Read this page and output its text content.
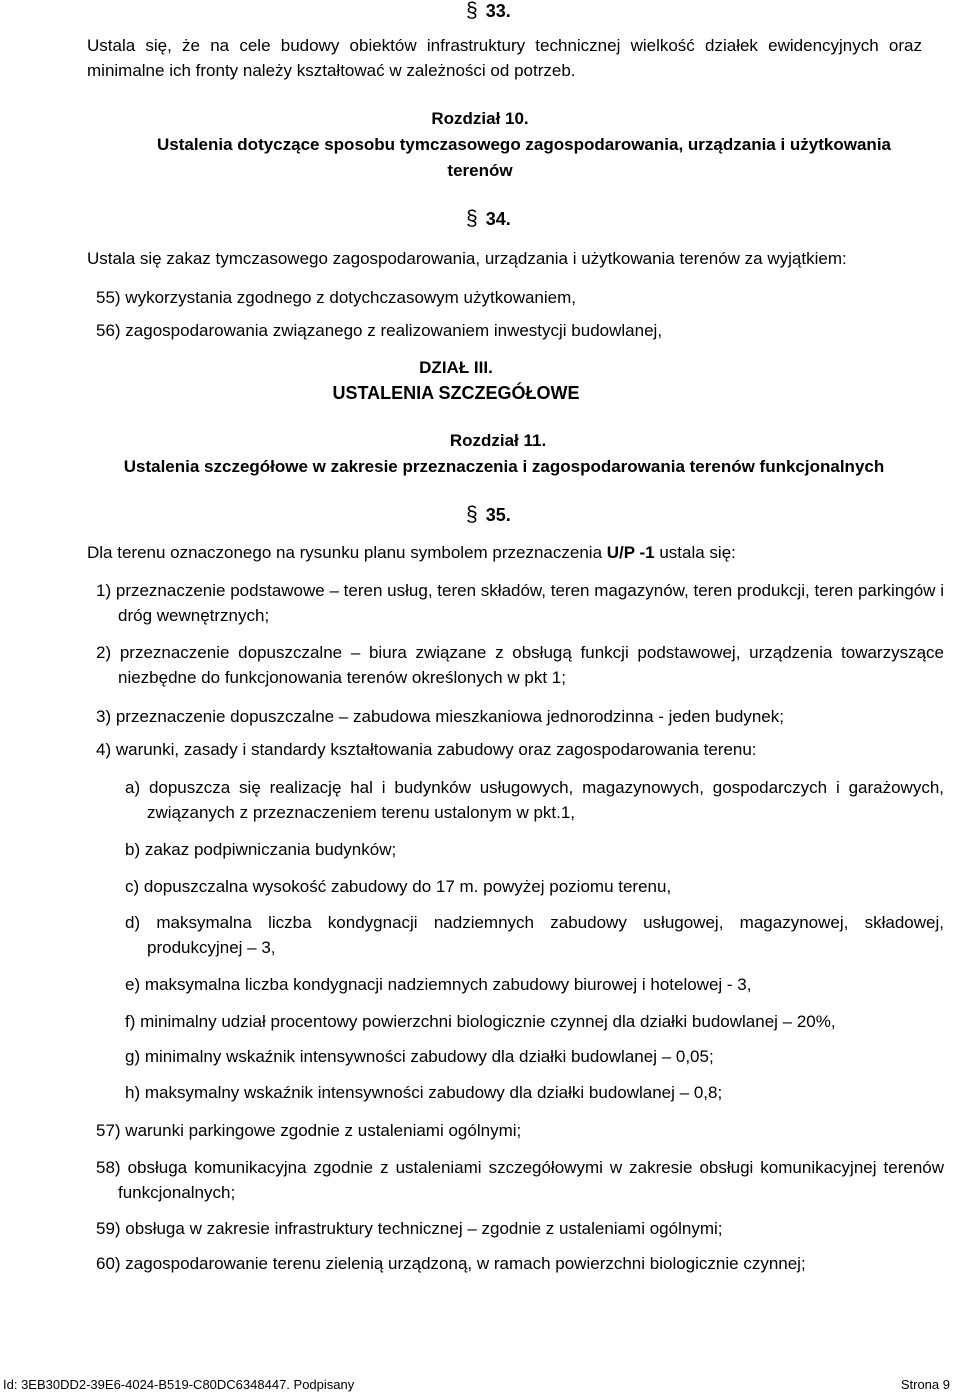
§ 33.
Ustala się, że na cele budowy obiektów infrastruktury technicznej wielkość działek ewidencyjnych oraz minimalne ich fronty należy kształtować w zależności od potrzeb.
Rozdział 10.
Ustalenia dotyczące sposobu tymczasowego zagospodarowania, urządzania i użytkowania
terenów
§ 34.
Ustala się zakaz tymczasowego zagospodarowania, urządzania i użytkowania terenów za wyjątkiem:
55) wykorzystania zgodnego z dotychczasowym użytkowaniem,
56) zagospodarowania związanego z realizowaniem inwestycji budowlanej,
DZIAŁ III.
USTALENIA SZCZEGÓŁOWE
Rozdział 11.
Ustalenia szczegółowe w zakresie przeznaczenia i zagospodarowania terenów funkcjonalnych
§ 35.
Dla terenu oznaczonego na rysunku planu symbolem przeznaczenia U/P -1 ustala się:
1) przeznaczenie podstawowe – teren usług, teren składów, teren magazynów, teren produkcji, teren parkingów i dróg wewnętrznych;
2) przeznaczenie dopuszczalne – biura związane z obsługą funkcji podstawowej, urządzenia towarzyszące niezbędne do funkcjonowania terenów określonych w pkt 1;
3) przeznaczenie dopuszczalne – zabudowa mieszkaniowa jednorodzinna - jeden budynek;
4) warunki, zasady i standardy kształtowania zabudowy oraz zagospodarowania terenu:
a) dopuszcza się realizację hal i budynków usługowych, magazynowych, gospodarczych i garażowych, związanych z przeznaczeniem terenu ustalonym w pkt.1,
b) zakaz podpiwniczania budynków;
c) dopuszczalna wysokość zabudowy do 17 m. powyżej poziomu terenu,
d) maksymalna liczba kondygnacji nadziemnych zabudowy usługowej, magazynowej, składowej, produkcyjnej – 3,
e) maksymalna liczba kondygnacji nadziemnych zabudowy biurowej i hotelowej - 3,
f) minimalny udział procentowy powierzchni biologicznie czynnej dla działki budowlanej – 20%,
g) minimalny wskaźnik intensywności zabudowy dla działki budowlanej – 0,05;
h) maksymalny wskaźnik intensywności zabudowy dla działki budowlanej – 0,8;
57) warunki parkingowe zgodnie z ustaleniami ogólnymi;
58) obsługa komunikacyjna zgodnie z ustaleniami szczegółowymi w zakresie obsługi komunikacyjnej terenów funkcjonalnych;
59) obsługa w zakresie infrastruktury technicznej – zgodnie z ustaleniami ogólnymi;
60) zagospodarowanie terenu zielenią urządzoną, w ramach powierzchni biologicznie czynnej;
Id: 3EB30DD2-39E6-4024-B519-C80DC6348447. Podpisany	Strona 9
